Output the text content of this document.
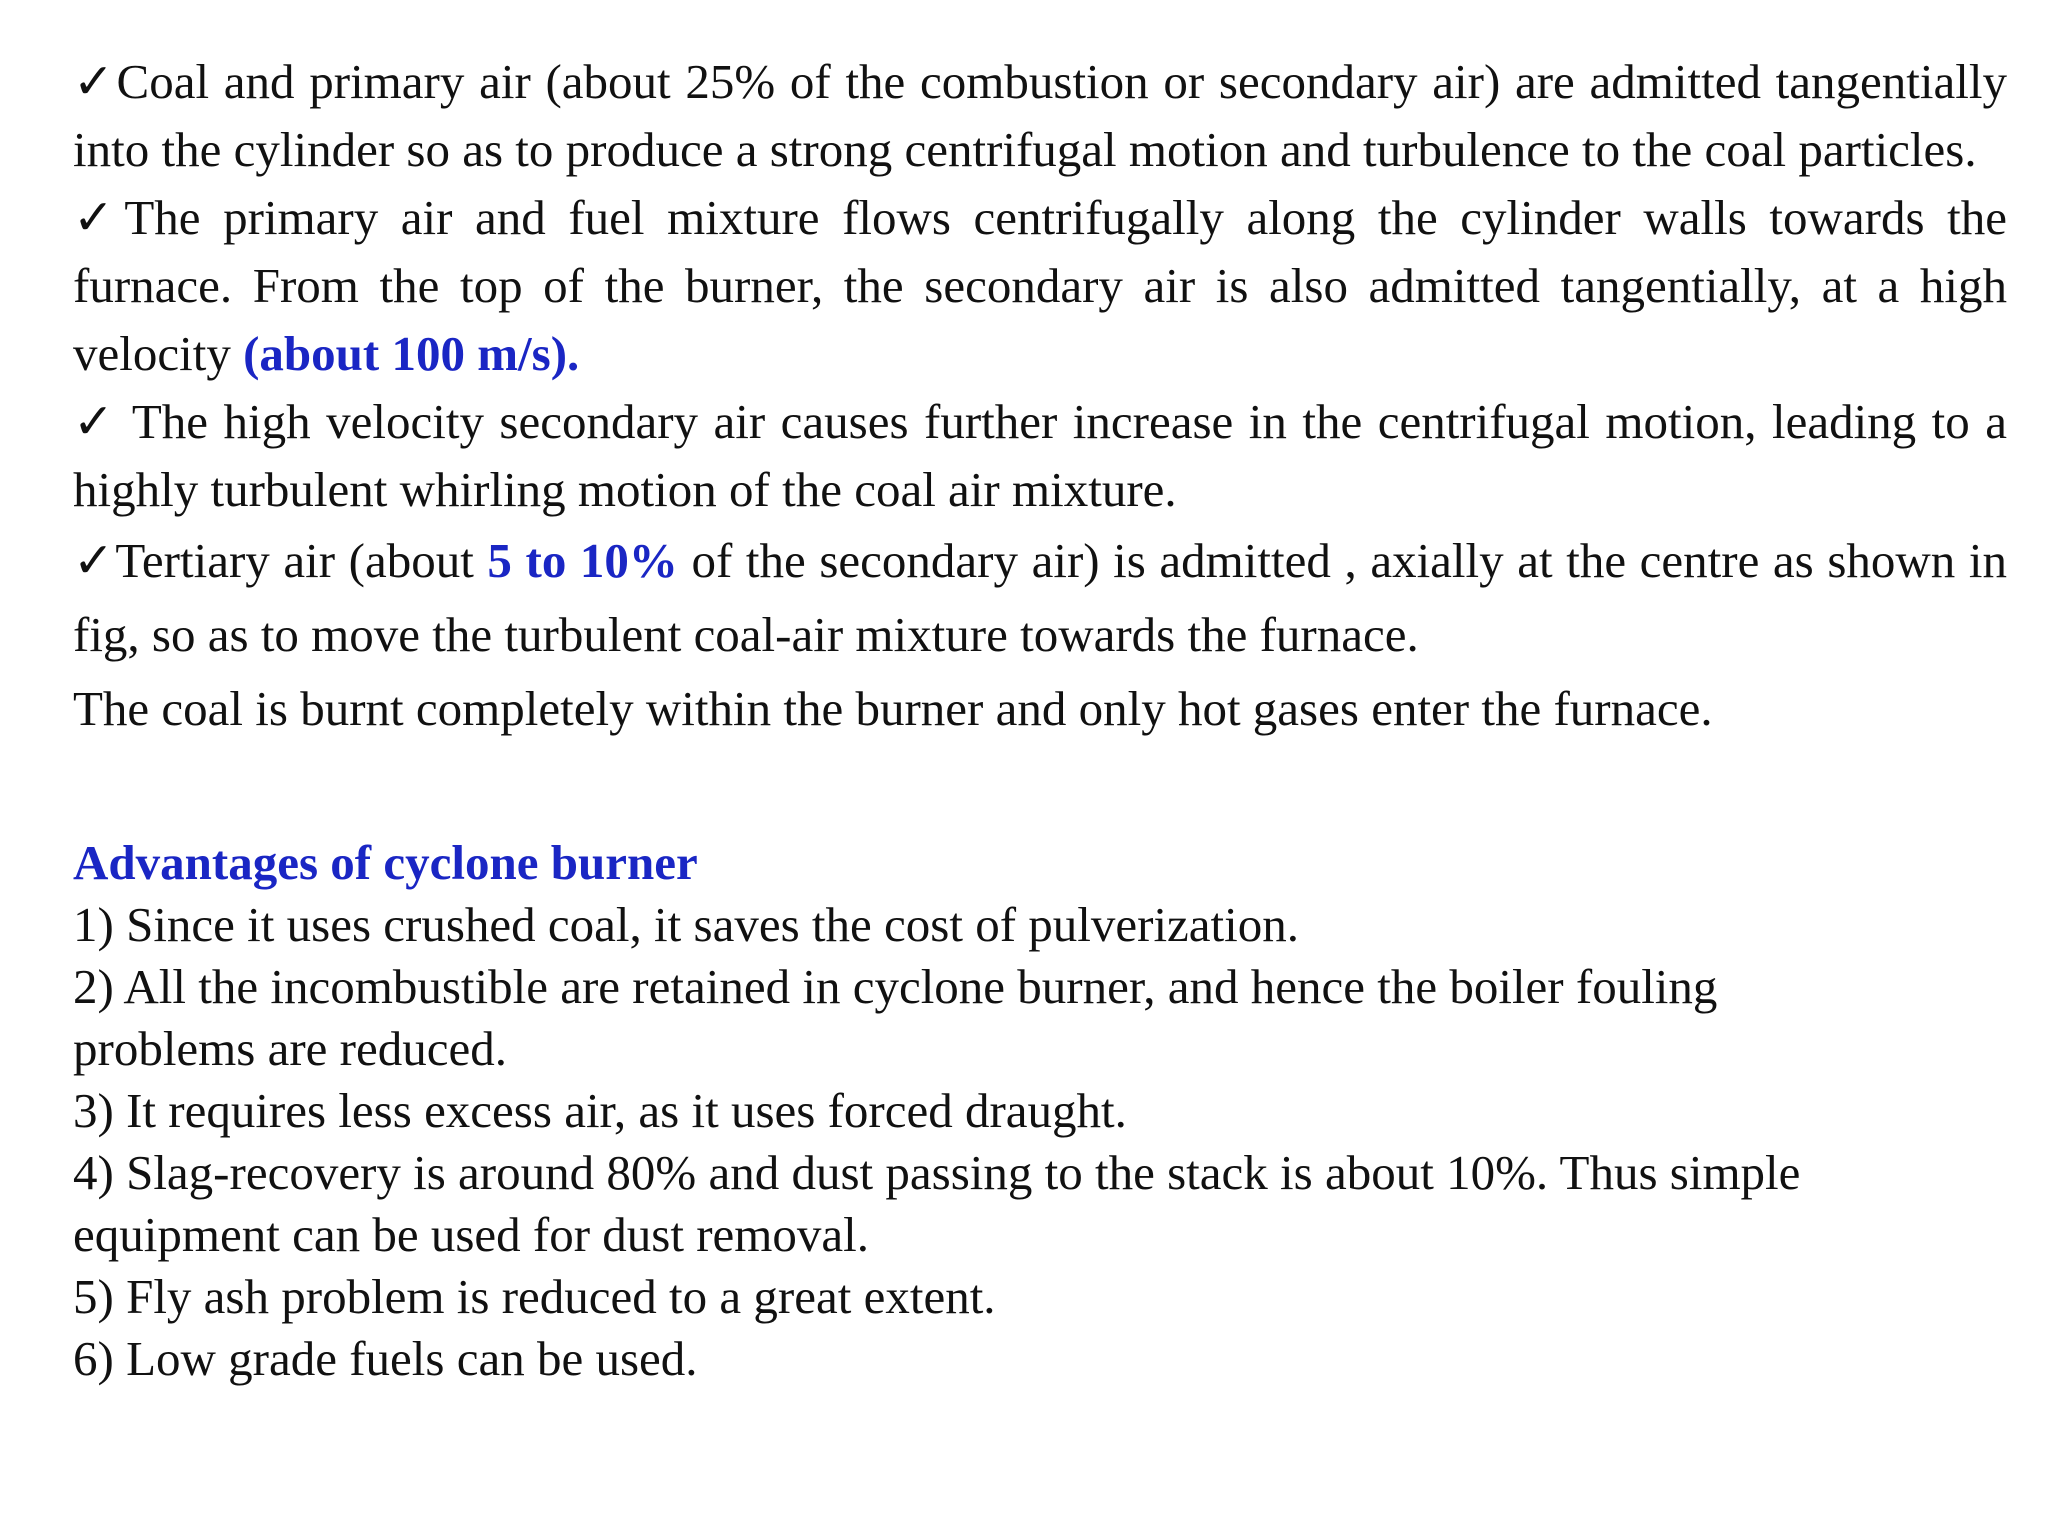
✓Coal and primary air (about 25% of the combustion or secondary air) are admitted tangentially into the cylinder so as to produce a strong centrifugal motion and turbulence to the coal particles.

✓The primary air and fuel mixture flows centrifugally along the cylinder walls towards the furnace. From the top of the burner, the secondary air is also admitted tangentially, at a high velocity (about 100 m/s).

✓ The high velocity secondary air causes further increase in the centrifugal motion, leading to a highly turbulent whirling motion of the coal air mixture.

✓Tertiary air (about 5 to 10% of the secondary air) is admitted , axially at the centre as shown in fig, so as to move the turbulent coal-air mixture towards the furnace.

The coal is burnt completely within the burner and only hot gases enter the furnace.

Advantages of cyclone burner
1) Since it uses crushed coal, it saves the cost of pulverization.
2) All the incombustible are retained in cyclone burner, and hence the boiler fouling problems are reduced.
3) It requires less excess air, as it uses forced draught.
4) Slag-recovery is around 80% and dust passing to the stack is about 10%. Thus simple equipment can be used for dust removal.
5) Fly ash problem is reduced to a great extent.
6) Low grade fuels can be used.
